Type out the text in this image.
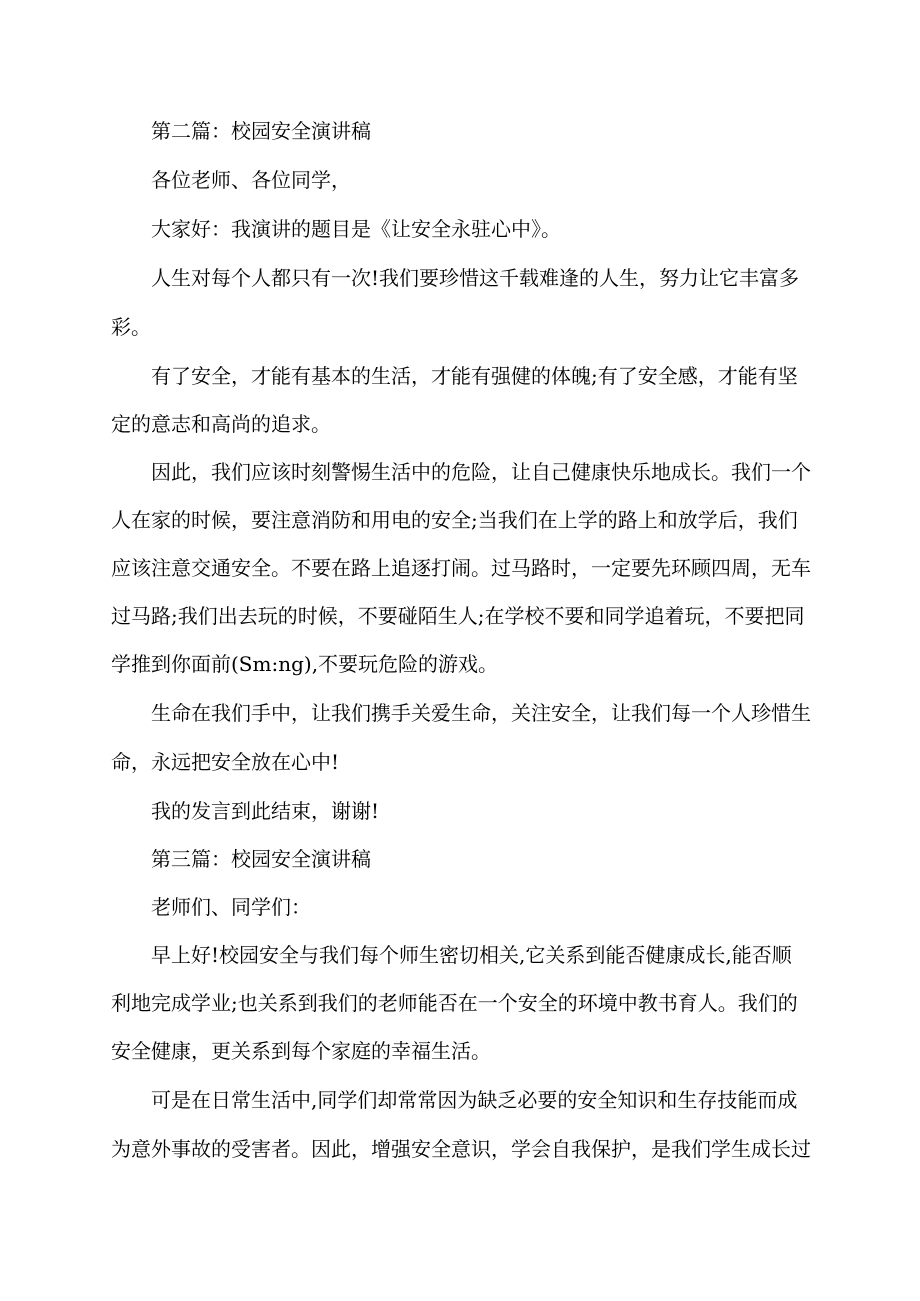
　　第二篇：校园安全演讲稿
　　各位老师、各位同学，
　　大家好：我演讲的题目是《让安全永驻心中》。
　　人生对每个人都只有一次!我们要珍惜这千载难逢的人生，努力让它丰富多
彩。
　　有了安全，才能有基本的生活，才能有强健的体魄;有了安全感，才能有坚
定的意志和高尚的追求。
　　因此，我们应该时刻警惕生活中的危险，让自己健康快乐地成长。我们一个
人在家的时候，要注意消防和用电的安全;当我们在上学的路上和放学后，我们
应该注意交通安全。不要在路上追逐打闹。过马路时，一定要先环顾四周，无车
过马路;我们出去玩的时候，不要碰陌生人;在学校不要和同学追着玩，不要把同
学推到你面前(Sm:ng),不要玩危险的游戏。
　　生命在我们手中，让我们携手关爱生命，关注安全，让我们每一个人珍惜生
命，永远把安全放在心中!
　　我的发言到此结束，谢谢!
　　第三篇：校园安全演讲稿
　　老师们、同学们：
　　早上好!校园安全与我们每个师生密切相关,它关系到能否健康成长,能否顺
利地完成学业;也关系到我们的老师能否在一个安全的环境中教书育人。我们的
安全健康，更关系到每个家庭的幸福生活。
　　可是在日常生活中,同学们却常常因为缺乏必要的安全知识和生存技能而成
为意外事故的受害者。因此，增强安全意识，学会自我保护，是我们学生成长过
